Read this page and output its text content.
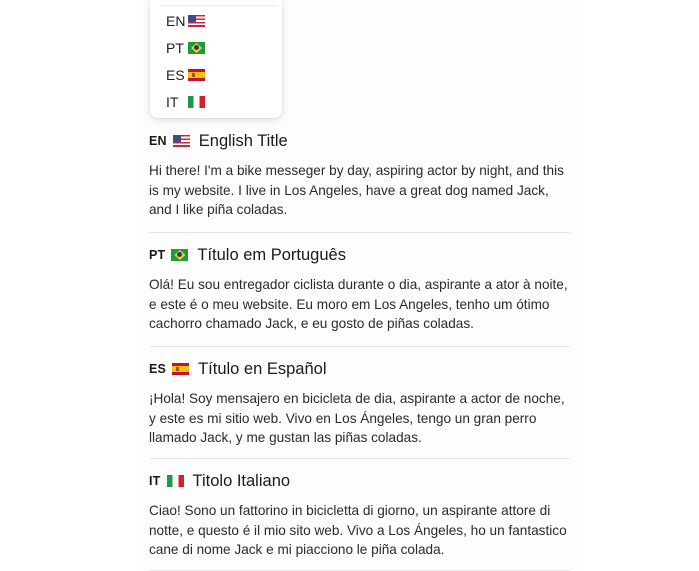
EN English Title

Hi there! I'm a bike messeger by day, aspiring actor by night, and this is my website. I live in Los Angeles, have a great dog named Jack, and I like piña coladas.

PT Título em Português

Olá! Eu sou entregador ciclista durante o dia, aspirante a ator à noite, e este é o meu website. Eu moro em Los Angeles, tenho um ótimo cachorro chamado Jack, e eu gosto de piñas coladas.

ES Título en Español

¡Hola! Soy mensajero en bicicleta de dia, aspirante a actor de noche, y este es mi sitio web. Vivo en Los Ángeles, tengo un gran perro llamado Jack, y me gustan las piñas coladas.

IT Titolo Italiano

Ciao! Sono un fattorino in bicicletta di giorno, un aspirante attore di notte, e questo é il mio sito web. Vivo a Los Ángeles, ho un fantastico cane di nome Jack e mi piacciono le piña colada.

EN
PT
ES
IT
